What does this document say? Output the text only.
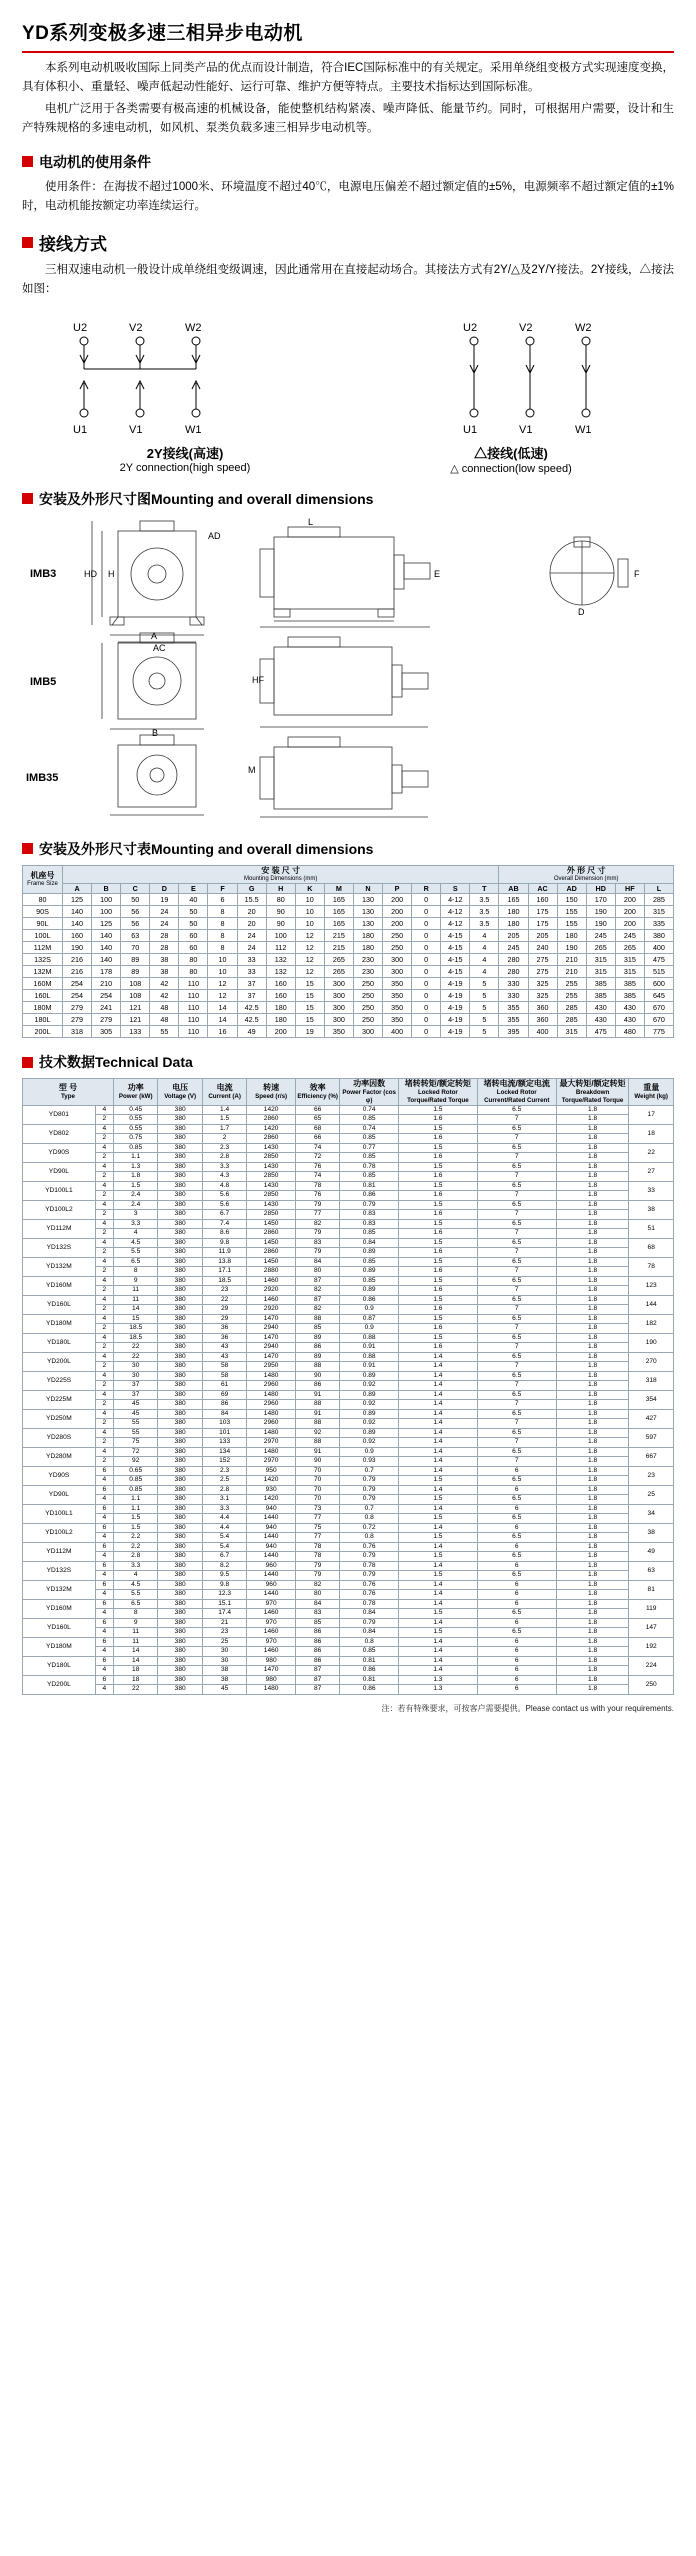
YD系列变极多速三相异步电动机

本系列电动机吸收国际上同类产品的优点而设计制造，符合IEC国际标准中的有关规定。采用单绕组变极方式实现速度变换，具有体积小、重量轻、噪声低起动性能好、运行可靠、维护方便等特点。主要技术指标达到国际标准。

电机广泛用于各类需要有极高速的机械设备，能使整机结构紧凑、噪声降低、能量节约。同时，可根据用户需要，设计和生产特殊规格的多速电动机，如风机、泵类负载多速三相异步电动机等。

电动机的使用条件

使用条件：在海拔不超过1000米、环境温度不超过40℃，电源电压偏差不超过额定值的±5%，电源频率不超过额定值的±1%时，电动机能按额定功率连续运行。

接线方式

三相双速电动机一般设计成单绕组变级调速，因此通常用在直接起动场合。其接法方式有2Y/△及2Y/Y接法。2Y接线，△接法如图：

U2	V2	W2
U1	V1	W1
U2	V2	W2
U1	V1	W1
2Y接线(高速)
2Y connection(high speed)
△接线(低速)
△ connection(low speed)
安装及外形尺寸图 Mounting and overall dimensions
AD
L
HD H
AC
A
B
F
D
E
HF
M
IMB3
IMB5
IMB35
安装及外形尺寸表 Mounting and overall dimensions
机座号
Frame Size	安 装 尺 寸
Mounting Dimensions (mm)															外 形 尺 寸
Overall Dimension (mm)					

	A	B	C	D	E	F	G	H	K	M	N	P	R	S	T	AB	AC	AD	HD	HF	L
80	125	100	50	19	40	6	15.5	80	10	165	130	200	0	4-12	3.5	165	160	150	170	200	285
90S	140	100	56	24	50	8	20	90	10	165	130	200	0	4-12	3.5	180	175	155	190	200	315
90L	140	125	56	24	50	8	20	90	10	165	130	200	0	4-12	3.5	180	175	155	190	200	335
100L	160	140	63	28	60	8	24	100	12	215	180	250	0	4-15	4	205	205	180	245	245	380
112M	190	140	70	28	60	8	24	112	12	215	180	250	0	4-15	4	245	240	190	265	265	400
132S	216	140	89	38	80	10	33	132	12	265	230	300	0	4-15	4	280	275	210	315	315	475
132M	216	178	89	38	80	10	33	132	12	265	230	300	0	4-15	4	280	275	210	315	315	515
160M	254	210	108	42	110	12	37	160	15	300	250	350	0	4-19	5	330	325	255	385	385	600
160L	254	254	108	42	110	12	37	160	15	300	250	350	0	4-19	5	330	325	255	385	385	645
180M	279	241	121	48	110	14	42.5	180	15	300	250	350	0	4-19	5	355	360	285	430	430	670
180L	279	279	121	48	110	14	42.5	180	15	300	250	350	0	4-19	5	355	360	285	430	430	670
200L	318	305	133	55	110	16	49	200	19	350	300	400	0	4-19	5	395	400	315	475	480	775
技术数据 Technical Data
型 号
Type		功率
Power (kW)	电压
Voltage (V)	电流
Current (A)	转速
Speed (r/s)	效率
Efficiency (%)	功率因数
Power Factor (cos φ)	堵转转矩/额定转矩
Locked Rotor Torque/Rated Torque	堵转电流/额定电流
Locked Rotor Current/Rated Current	最大转矩/额定转矩
Breakdown Torque/Rated Torque	重量
Weight (kg)

YD801	4	0.45	380	1.4	1420	66	0.74	1.5	6.5	1.8	17
	2	0.55	380	1.5	2860	65	0.85	1.6	7	1.8	
YD802	4	0.55	380	1.7	1420	68	0.74	1.5	6.5	1.8	18
	2	0.75	380	2	2860	66	0.85	1.6	7	1.8	
YD90S	4	0.85	380	2.3	1430	74	0.77	1.5	6.5	1.8	22
	2	1.1	380	2.8	2850	72	0.85	1.6	7	1.8	
YD90L	4	1.3	380	3.3	1430	76	0.78	1.5	6.5	1.8	27
	2	1.8	380	4.3	2850	74	0.85	1.6	7	1.8	
YD100L1	4	1.5	380	4.8	1430	78	0.81	1.5	6.5	1.8	33
	2	2.4	380	5.6	2850	76	0.86	1.6	7	1.8	
YD100L2	4	2.4	380	5.6	1430	79	0.79	1.5	6.5	1.8	38
	2	3	380	6.7	2850	77	0.83	1.6	7	1.8	
YD112M	4	3.3	380	7.4	1450	82	0.83	1.5	6.5	1.8	51
	2	4	380	8.6	2860	79	0.85	1.6	7	1.8	
YD132S	4	4.5	380	9.8	1450	83	0.84	1.5	6.5	1.8	68
	2	5.5	380	11.9	2860	79	0.89	1.6	7	1.8	
YD132M	4	6.5	380	13.8	1450	84	0.85	1.5	6.5	1.8	78
	2	8	380	17.1	2880	80	0.89	1.6	7	1.8	
YD160M	4	9	380	18.5	1460	87	0.85	1.5	6.5	1.8	123
	2	11	380	23	2920	82	0.89	1.6	7	1.8	
YD160L	4	11	380	22	1460	87	0.86	1.5	6.5	1.8	144
	2	14	380	29	2920	82	0.9	1.6	7	1.8	
YD180M	4	15	380	29	1470	88	0.87	1.5	6.5	1.8	182
	2	18.5	380	36	2940	85	0.9	1.6	7	1.8	
YD180L	4	18.5	380	36	1470	89	0.88	1.5	6.5	1.8	190
	2	22	380	43	2940	86	0.91	1.6	7	1.8	
YD200L	4	22	380	43	1470	89	0.88	1.4	6.5	1.8	270
	2	30	380	58	2950	88	0.91	1.4	7	1.8	
YD225S	4	30	380	58	1480	90	0.89	1.4	6.5	1.8	318
	2	37	380	61	2960	86	0.92	1.4	7	1.8	
YD225M	4	37	380	69	1480	91	0.89	1.4	6.5	1.8	354
	2	45	380	86	2960	88	0.92	1.4	7	1.8	
YD250M	4	45	380	84	1480	91	0.89	1.4	6.5	1.8	427
	2	55	380	103	2960	88	0.92	1.4	7	1.8	
YD280S	4	55	380	101	1480	92	0.89	1.4	6.5	1.8	597
	2	75	380	133	2970	88	0.92	1.4	7	1.8	
YD280M	4	72	380	134	1480	91	0.9	1.4	6.5	1.8	667
	2	92	380	152	2970	90	0.93	1.4	7	1.8	
YD90S	6	0.65	380	2.3	950	70	0.7	1.4	6	1.8	23
	4	0.85	380	2.5	1420	70	0.79	1.5	6.5	1.8	
YD90L	6	0.85	380	2.8	930	70	0.79	1.4	6	1.8	25
	4	1.1	380	3.1	1420	70	0.79	1.5	6.5	1.8	
YD100L1	6	1.1	380	3.3	940	73	0.7	1.4	6	1.8	34
	4	1.5	380	4.4	1440	77	0.8	1.5	6.5	1.8	
YD100L2	6	1.5	380	4.4	940	75	0.72	1.4	6	1.8	38
	4	2.2	380	5.4	1440	77	0.8	1.5	6.5	1.8	
YD112M	6	2.2	380	5.4	940	78	0.76	1.4	6	1.8	49
	4	2.8	380	6.7	1440	78	0.79	1.5	6.5	1.8	
YD132S	6	3.3	380	8.2	960	79	0.78	1.4	6	1.8	63
	4	4	380	9.5	1440	79	0.79	1.5	6.5	1.8	
YD132M	6	4.5	380	9.8	960	82	0.76	1.4	6	1.8	81
	4	5.5	380	12.3	1440	80	0.76	1.4	6	1.8	
YD160M	6	6.5	380	15.1	970	84	0.78	1.4	6	1.8	119
	4	8	380	17.4	1460	83	0.84	1.5	6.5	1.8	
YD160L	6	9	380	21	970	85	0.79	1.4	6	1.8	147
	4	11	380	23	1460	86	0.84	1.5	6.5	1.8	
YD180M	6	11	380	25	970	86	0.8	1.4	6	1.8	192
	4	14	380	30	1460	86	0.85	1.4	6	1.8	
YD180L	6	14	380	30	980	86	0.81	1.4	6	1.8	224
	4	18	380	38	1470	87	0.86	1.4	6	1.8	
YD200L	6	18	380	38	980	87	0.81	1.3	6	1.8	250
	4	22	380	45	1480	87	0.86	1.3	6	1.8	
注：若有特殊要求，可按客户需要提供。Please contact us with your requirements.
